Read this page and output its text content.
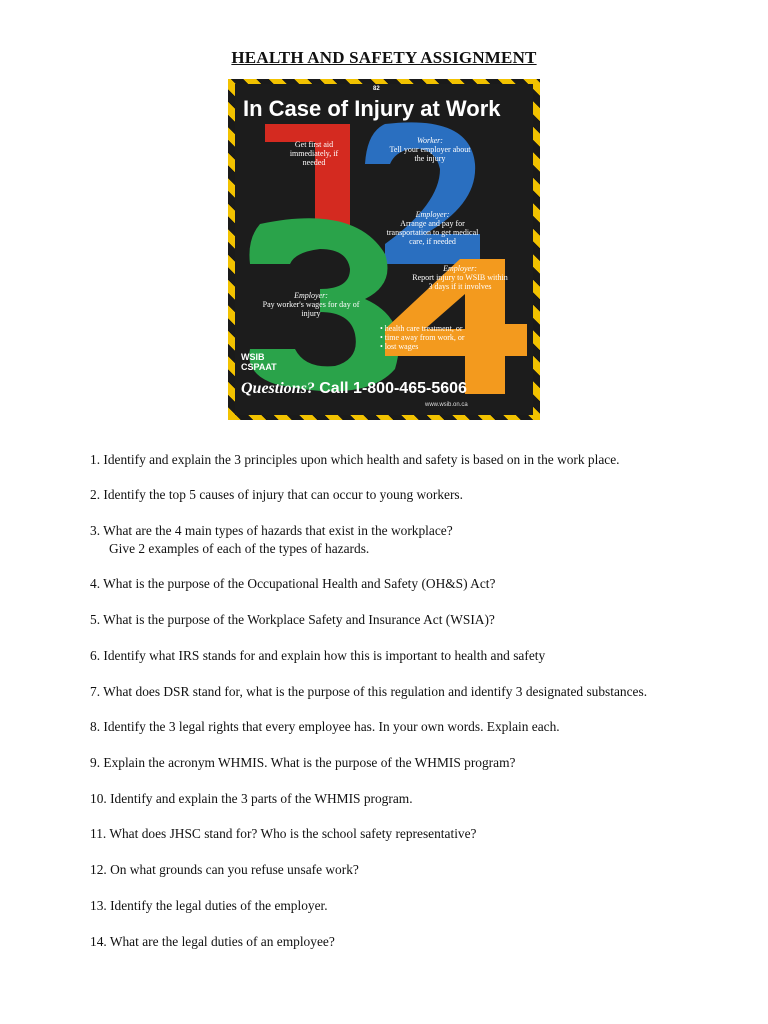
HEALTH AND SAFETY ASSIGNMENT
82
In Case of Injury at Work
Get first aid immediately, if needed
Worker:
Tell your employer about the injury
Employer:
Arrange and pay for transportation to get medical care, if needed
Employer:
Pay worker's wages for day of injury
Employer:
Report injury to WSIB within 3 days if it involves
• health care treatment, or
• time away from work, or
• lost wages
WSIB
CSPAAT
Questions? Call 1-800-465-5606
www.wsib.on.ca
1. Identify and explain the 3 principles upon which health and safety is based on in the work place.
2. Identify the top 5 causes of injury that can occur to young workers.
3. What are the 4 main types of hazards that exist in the workplace?
Give 2 examples of each of the types of hazards.
4. What is the purpose of the Occupational Health and Safety (OH&S) Act?
5. What is the purpose of the Workplace Safety and Insurance Act (WSIA)?
6. Identify what IRS stands for and explain how this is important to health and safety
7. What does DSR stand for, what is the purpose of this regulation and identify 3 designated substances.
8. Identify the 3 legal rights that every employee has. In your own words. Explain each.
9. Explain the acronym WHMIS. What is the purpose of the WHMIS program?
10. Identify and explain the 3 parts of the WHMIS program.
11. What does JHSC stand for? Who is the school safety representative?
12. On what grounds can you refuse unsafe work?
13. Identify the legal duties of the employer.
14. What are the legal duties of an employee?
